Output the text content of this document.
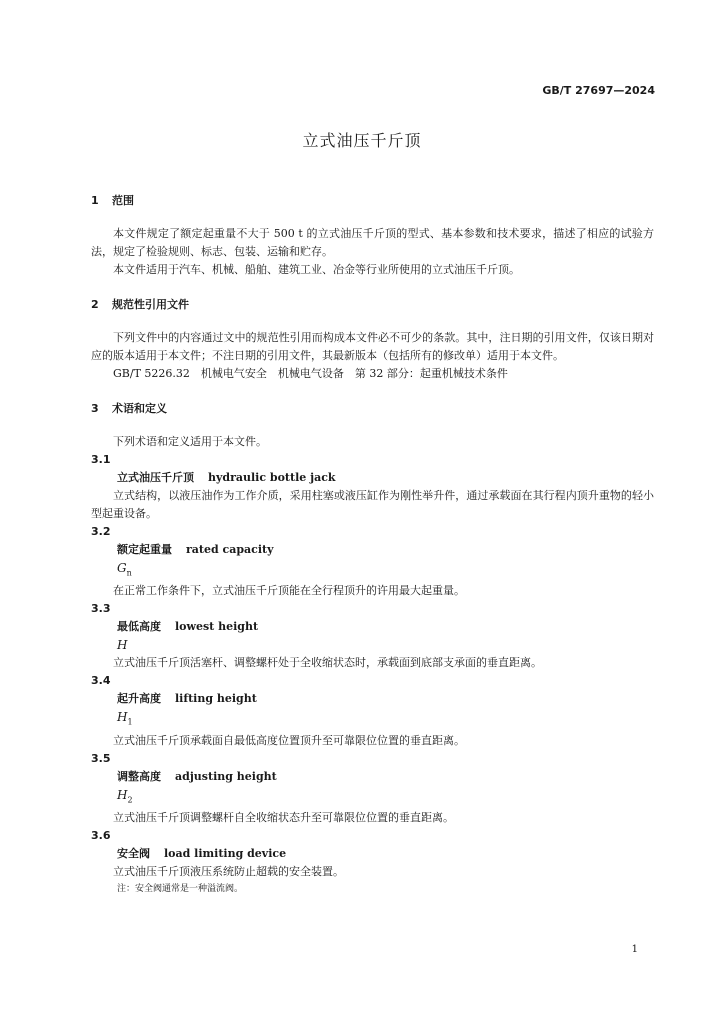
GB/T 27697—2024
立式油压千斤顶
1 范围

本文件规定了额定起重量不大于 500 t 的立式油压千斤顶的型式、基本参数和技术要求，描述了相应的试验方法，规定了检验规则、标志、包装、运输和贮存。

本文件适用于汽车、机械、船舶、建筑工业、冶金等行业所使用的立式油压千斤顶。

2 规范性引用文件

下列文件中的内容通过文中的规范性引用而构成本文件必不可少的条款。其中，注日期的引用文件，仅该日期对应的版本适用于本文件；不注日期的引用文件，其最新版本（包括所有的修改单）适用于本文件。

GB/T 5226.32　机械电气安全　机械电气设备　第 32 部分：起重机械技术条件

3 术语和定义

下列术语和定义适用于本文件。

3.1

立式油压千斤顶 hydraulic bottle jack

立式结构，以液压油作为工作介质，采用柱塞或液压缸作为刚性举升件，通过承载面在其行程内顶升重物的轻小型起重设备。

3.2

额定起重量 rated capacity

$G_n$

在正常工作条件下，立式油压千斤顶能在全行程顶升的许用最大起重量。

3.3

最低高度 lowest height

H

立式油压千斤顶活塞杆、调整螺杆处于全收缩状态时，承载面到底部支承面的垂直距离。

3.4

起升高度 lifting height

$H_1$

立式油压千斤顶承载面自最低高度位置顶升至可靠限位位置的垂直距离。

3.5

调整高度 adjusting height

$H_2$

立式油压千斤顶调整螺杆自全收缩状态升至可靠限位位置的垂直距离。

3.6

安全阀 load limiting device

立式油压千斤顶液压系统防止超载的安全装置。

注：安全阀通常是一种溢流阀。

1
